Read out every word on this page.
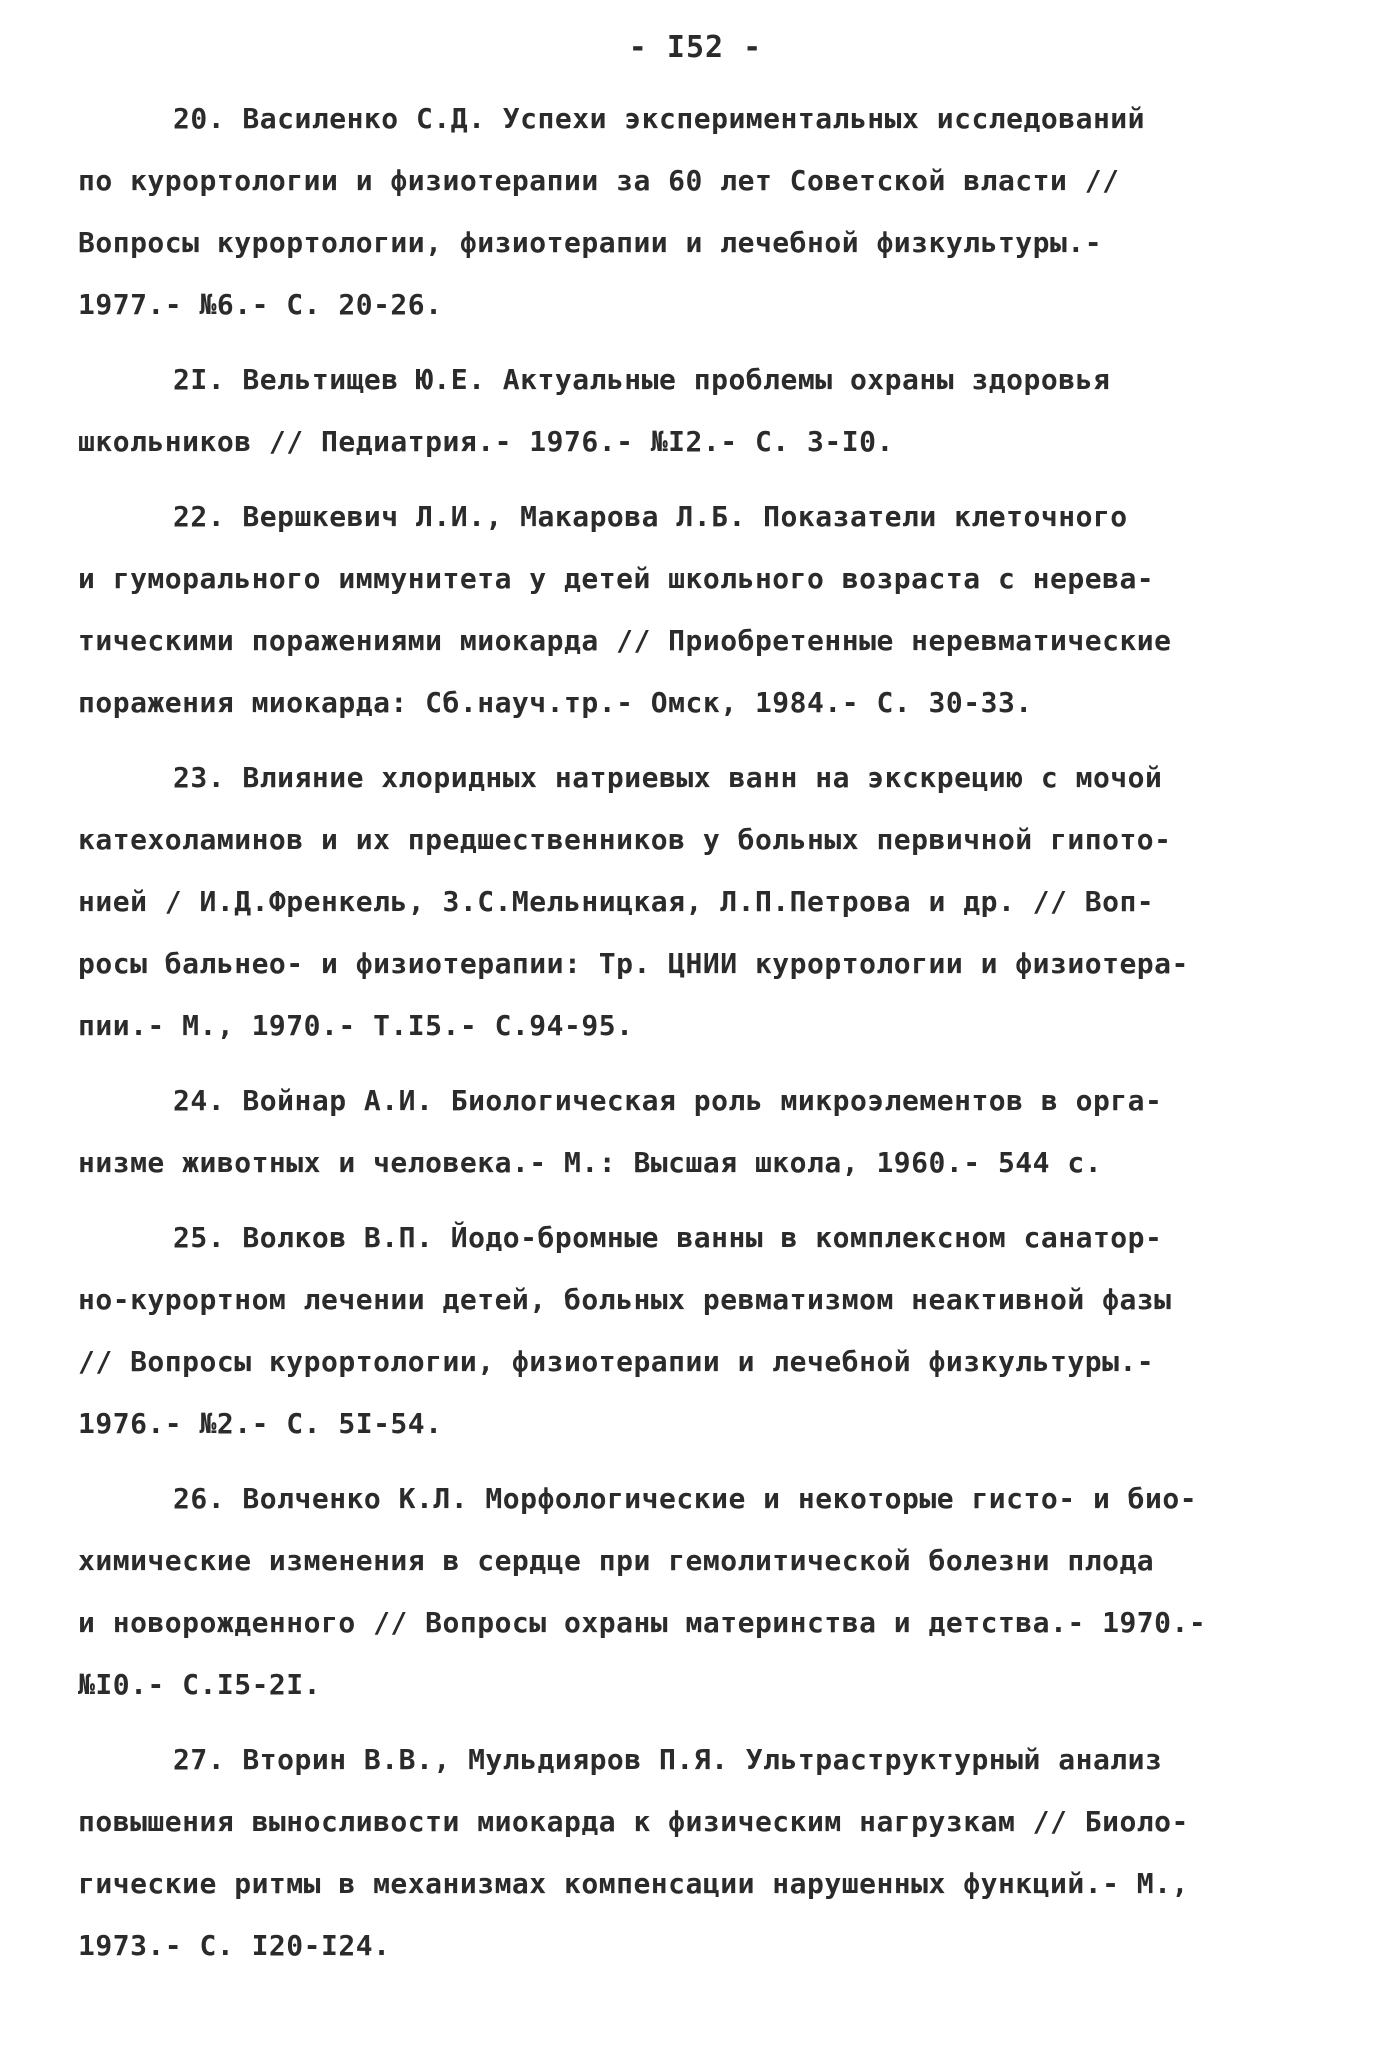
- I52 -
20. Василенко С.Д. Успехи экспериментальных исследований
по курортологии и физиотерапии за 60 лет Советской власти //
Вопросы курортологии, физиотерапии и лечебной физкультуры.-
1977.- №6.- С. 20-26.
2I. Вельтищев Ю.Е. Актуальные проблемы охраны здоровья
школьников // Педиатрия.- 1976.- №I2.- С. 3-I0.
22. Вершкевич Л.И., Макарова Л.Б. Показатели клеточного
и гуморального иммунитета у детей школьного возраста с нерева-
тическими поражениями миокарда // Приобретенные неревматические
поражения миокарда: Сб.науч.тр.- Омск, 1984.- С. 30-33.
23. Влияние хлоридных натриевых ванн на экскрецию с мочой
катехоламинов и их предшественников у больных первичной гипото-
нией / И.Д.Френкель, З.С.Мельницкая, Л.П.Петрова и др. // Воп-
росы бальнео- и физиотерапии: Тр. ЦНИИ курортологии и физиотера-
пии.- М., 1970.- Т.I5.- С.94-95.
24. Войнар А.И. Биологическая роль микроэлементов в орга-
низме животных и человека.- М.: Высшая школа, 1960.- 544 с.
25. Волков В.П. Йодо-бромные ванны в комплексном санатор-
но-курортном лечении детей, больных ревматизмом неактивной фазы
// Вопросы курортологии, физиотерапии и лечебной физкультуры.-
1976.- №2.- С. 5I-54.
26. Волченко К.Л. Морфологические и некоторые гисто- и био-
химические изменения в сердце при гемолитической болезни плода
и новорожденного // Вопросы охраны материнства и детства.- 1970.-
№I0.- С.I5-2I.
27. Вторин В.В., Мульдияров П.Я. Ультраструктурный анализ
повышения выносливости миокарда к физическим нагрузкам // Биоло-
гические ритмы в механизмах компенсации нарушенных функций.- М.,
1973.- С. I20-I24.
